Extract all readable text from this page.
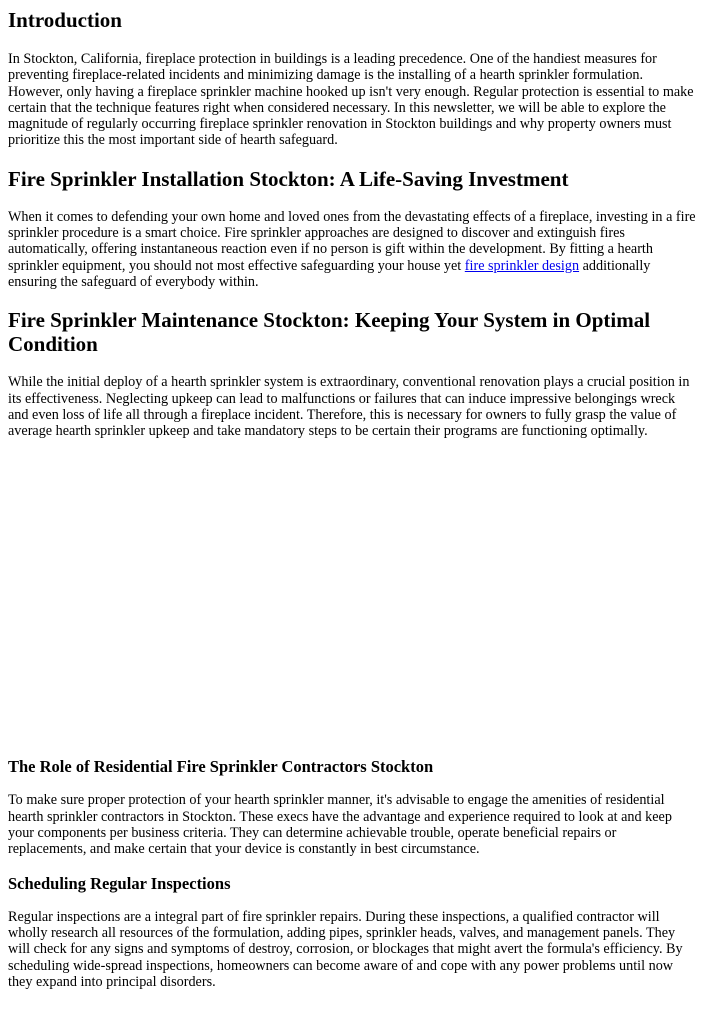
Introduction

In Stockton, California, fireplace protection in buildings is a leading precedence. One of the handiest measures for
preventing fireplace-related incidents and minimizing damage is the installing of a hearth sprinkler formulation.
However, only having a fireplace sprinkler machine hooked up isn't very enough. Regular protection is essential to make
certain that the technique features right when considered necessary. In this newsletter, we will be able to explore the
magnitude of regularly occurring fireplace sprinkler renovation in Stockton buildings and why property owners must
prioritize this the most important side of hearth safeguard.

Fire Sprinkler Installation Stockton: A Life-Saving Investment

When it comes to defending your own home and loved ones from the devastating effects of a fireplace, investing in a fire
sprinkler procedure is a smart choice. Fire sprinkler approaches are designed to discover and extinguish fires
automatically, offering instantaneous reaction even if no person is gift within the development. By fitting a hearth
sprinkler equipment, you should not most effective safeguarding your house yet fire sprinkler design additionally
ensuring the safeguard of everybody within.

Fire Sprinkler Maintenance Stockton: Keeping Your System in Optimal
Condition

While the initial deploy of a hearth sprinkler system is extraordinary, conventional renovation plays a crucial position in
its effectiveness. Neglecting upkeep can lead to malfunctions or failures that can induce impressive belongings wreck
and even loss of life all through a fireplace incident. Therefore, this is necessary for owners to fully grasp the value of
average hearth sprinkler upkeep and take mandatory steps to be certain their programs are functioning optimally.

The Role of Residential Fire Sprinkler Contractors Stockton

To make sure proper protection of your hearth sprinkler manner, it's advisable to engage the amenities of residential
hearth sprinkler contractors in Stockton. These execs have the advantage and experience required to look at and keep
your components per business criteria. They can determine achievable trouble, operate beneficial repairs or
replacements, and make certain that your device is constantly in best circumstance.

Scheduling Regular Inspections

Regular inspections are a integral part of fire sprinkler repairs. During these inspections, a qualified contractor will
wholly research all resources of the formulation, adding pipes, sprinkler heads, valves, and management panels. They
will check for any signs and symptoms of destroy, corrosion, or blockages that might avert the formula's efficiency. By
scheduling wide-spread inspections, homeowners can become aware of and cope with any power problems until now
they expand into principal disorders.
